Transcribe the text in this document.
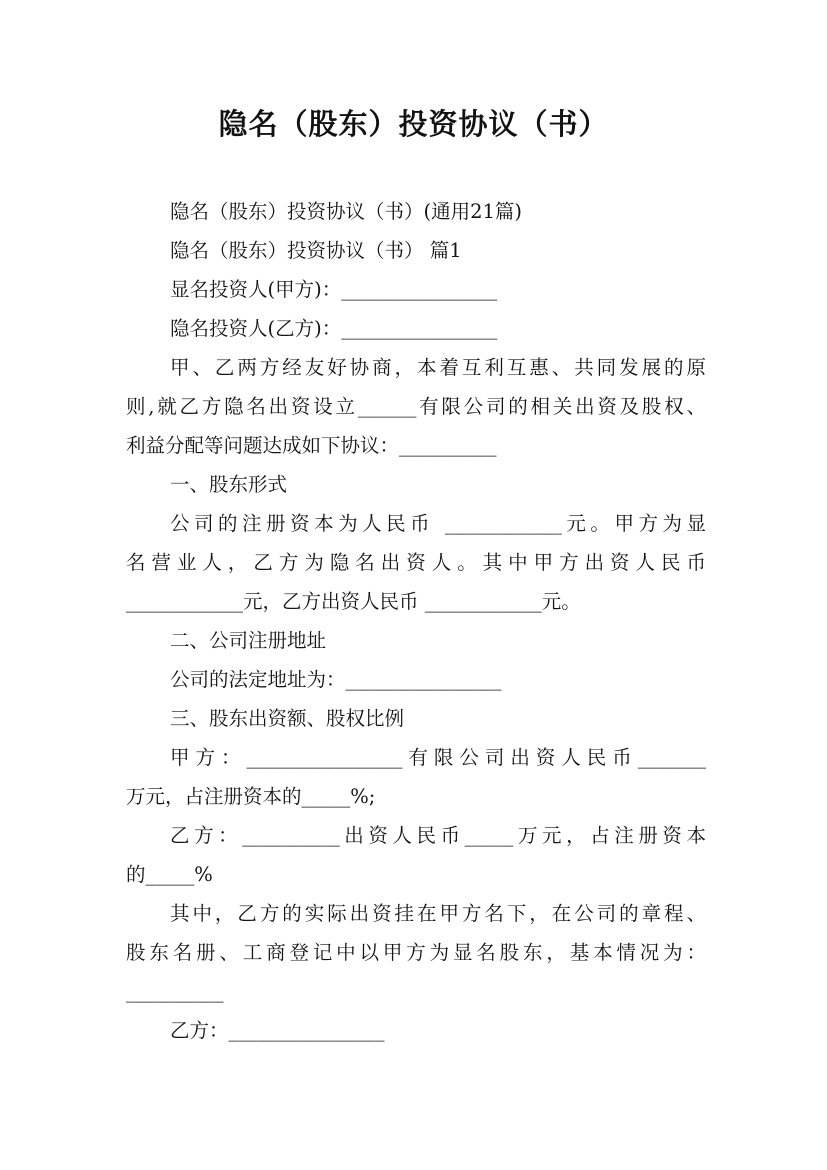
隐名（股东）投资协议（书）
隐名（股东）投资协议（书）(通用21篇)
隐名（股东）投资协议（书） 篇1
显名投资人(甲方)：________________
隐名投资人(乙方)：________________
甲、乙两方经友好协商，本着互利互惠、共同发展的原
则,就乙方隐名出资设立______有限公司的相关出资及股权、
利益分配等问题达成如下协议：__________
一、股东形式
公司的注册资本为人民币 ____________元。甲方为显
名营业人，乙方为隐名出资人。其中甲方出资人民币
____________元，乙方出资人民币 ____________元。
二、公司注册地址
公司的法定地址为：________________
三、股东出资额、股权比例
甲方：________________有限公司出资人民币_______
万元，占注册资本的_____%;
乙方：__________出资人民币_____万元，占注册资本
的_____%
其中，乙方的实际出资挂在甲方名下，在公司的章程、
股东名册、工商登记中以甲方为显名股东，基本情况为：
__________
乙方：________________
